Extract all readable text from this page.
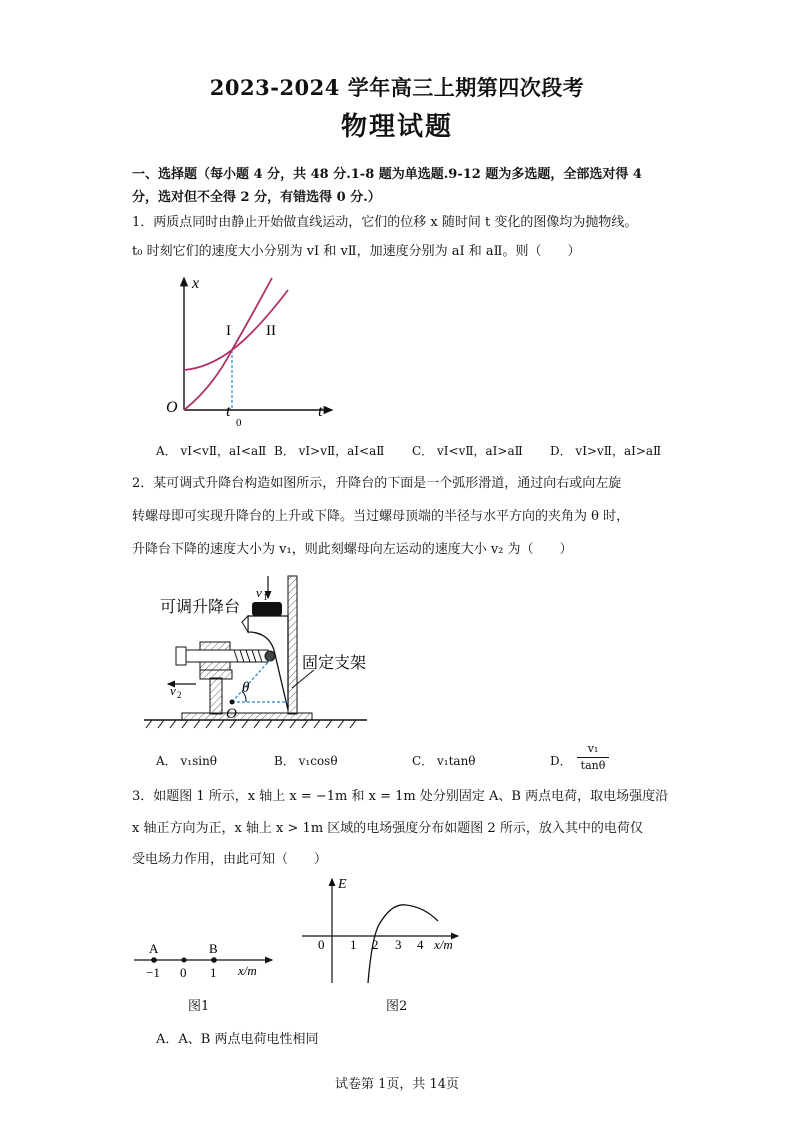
2023-2024 学年高三上期第四次段考
物理试题
一、选择题（每小题 4 分，共 48 分.1-8 题为单选题.9-12 题为多选题，全部选对得 4
分，选对但不全得 2 分，有错选得 0 分.）
1．两质点同时由静止开始做直线运动，它们的位移 x 随时间 t 变化的图像均为抛物线。
t₀ 时刻它们的速度大小分别为 vⅠ 和 vⅡ，加速度分别为 aⅠ 和 aⅡ。则（　　）
x
t
O	t
0
I II
A． vⅠ<vⅡ，aⅠ<aⅡ B． vⅠ>vⅡ，aⅠ<aⅡ C． vⅠ<vⅡ，aⅠ>aⅡ D． vⅠ>vⅡ，aⅠ>aⅡ
2．某可调式升降台构造如图所示，升降台的下面是一个弧形滑道，通过向右或向左旋
转螺母即可实现升降台的上升或下降。当过螺母顶端的半径与水平方向的夹角为 θ 时，
升降台下降的速度大小为 v₁，则此刻螺母向左运动的速度大小 v₂ 为（　　）
可调升降台
固定支架
v 1
v 2	θ
O
A． v₁sinθ	B． v₁cosθ	C． v₁tanθ	D．
v₁
tanθ
3．如题图 1 所示，x 轴上 x = −1m 和 x = 1m 处分别固定 A、B 两点电荷，取电场强度沿
x 轴正方向为正，x 轴上 x > 1m 区域的电场强度分布如题图 2 所示，放入其中的电荷仅
受电场力作用，由此可知（　　）
A	B
−1 0 1 x/m
图1
E
0 1 2 3 4 x/m
图2
A．A、B 两点电荷电性相同
试卷第 1页，共 14页
